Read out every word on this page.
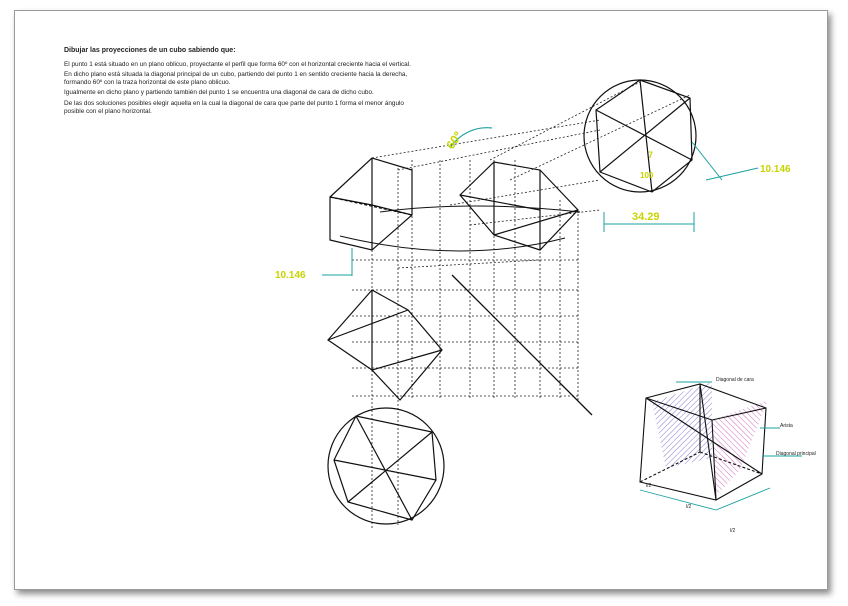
Dibujar las proyecciones de un cubo sabiendo que:

El punto 1 está situado en un plano oblicuo, proyectante el perfil que forma 60º con el horizontal creciente hacia el vertical.

En dicho plano está situada la diagonal principal de un cubo, partiendo del punto 1 en sentido creciente hacia la derecha, formando 60º con la traza horizontal de este plano oblicuo.

Igualmente en dicho plano y partiendo también del punto 1 se encuentra una diagonal de cara de dicho cubo.

De las dos soluciones posibles elegir aquella en la cual la diagonal de cara que parte del punto 1 forma el menor ángulo posible con el plano horizontal.

60º
10.146
10.146
34.29
7
100
Diagonal de cara
Arista
Diagonal principal
l/2
l/2
l/2
